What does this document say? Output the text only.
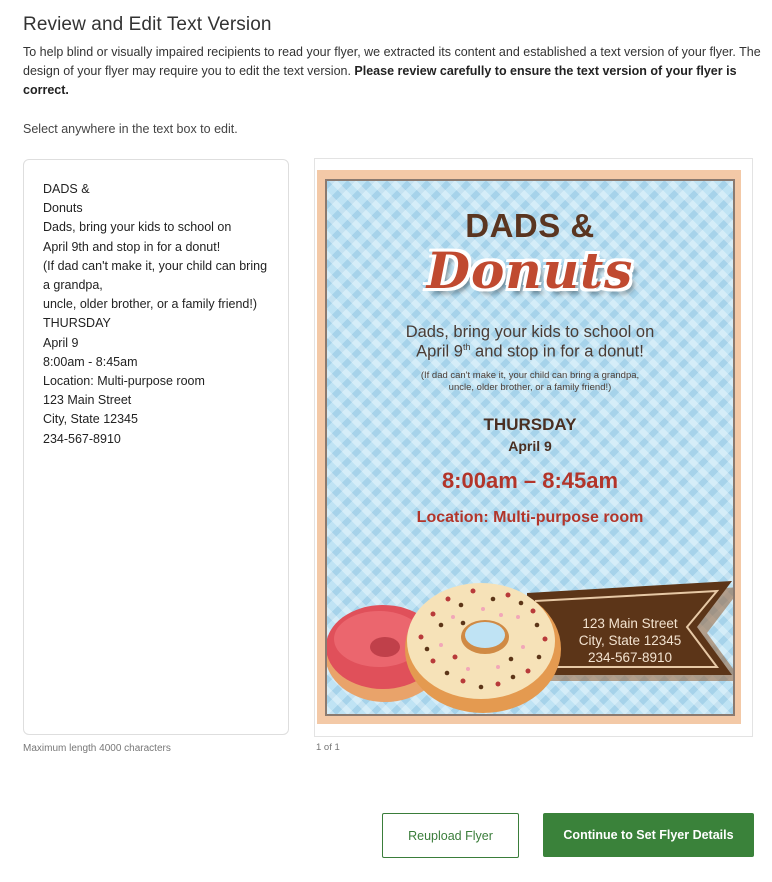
Review and Edit Text Version
To help blind or visually impaired recipients to read your flyer, we extracted its content and established a text version of your flyer. The design of your flyer may require you to edit the text version. Please review carefully to ensure the text version of your flyer is correct.
Select anywhere in the text box to edit.
DADS &
Donuts
Dads, bring your kids to school on
April 9th and stop in for a donut!
(If dad can't make it, your child can bring
a grandpa,
uncle, older brother, or a family friend!)
THURSDAY
April 9
8:00am - 8:45am
Location: Multi-purpose room
123 Main Street
City, State 12345
234-567-8910
Maximum length 4000 characters
DADS &
Donuts
Dads, bring your kids to school on
April 9th and stop in for a donut!
(If dad can't make it, your child can bring a grandpa,
uncle, older brother, or a family friend!)
THURSDAY
April 9
8:00am – 8:45am
Location: Multi-purpose room
123 Main Street
City, State 12345
234-567-8910
1 of 1
Reupload Flyer	Continue to Set Flyer Details
